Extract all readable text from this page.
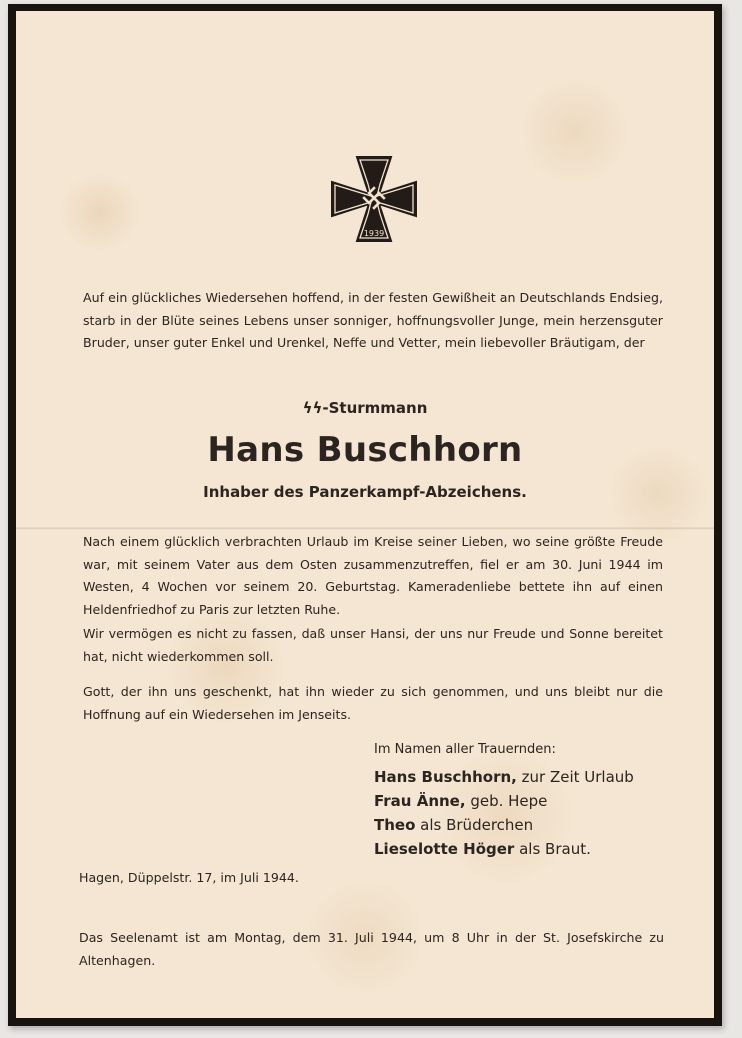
1939
Auf ein glückliches Wiedersehen hoffend, in der festen Gewißheit an Deutschlands Endsieg, starb in der Blüte seines Lebens unser sonniger, hoffnungsvoller Junge, mein herzensguter Bruder, unser guter Enkel und Urenkel, Neffe und Vetter, mein liebevoller Bräutigam, der
ϟϟ-Sturmmann
Hans Buschhorn
Inhaber des Panzerkampf-Abzeichens.
Nach einem glücklich verbrachten Urlaub im Kreise seiner Lieben, wo seine größte Freude war, mit seinem Vater aus dem Osten zusammenzutreffen, fiel er am 30. Juni 1944 im Westen, 4 Wochen vor seinem 20. Geburtstag. Kameradenliebe bettete ihn auf einen Heldenfriedhof zu Paris zur letzten Ruhe.
Wir vermögen es nicht zu fassen, daß unser Hansi, der uns nur Freude und Sonne bereitet hat, nicht wiederkommen soll.
Gott, der ihn uns geschenkt, hat ihn wieder zu sich genommen, und uns bleibt nur die Hoffnung auf ein Wiedersehen im Jenseits.
Im Namen aller Trauernden:
Hans Buschhorn, zur Zeit Urlaub
Frau Änne, geb. Hepe
Theo als Brüderchen
Lieselotte Höger als Braut.
Hagen, Düppelstr. 17, im Juli 1944.
Das Seelenamt ist am Montag, dem 31. Juli 1944, um 8 Uhr in der St. Josefskirche zu Altenhagen.
